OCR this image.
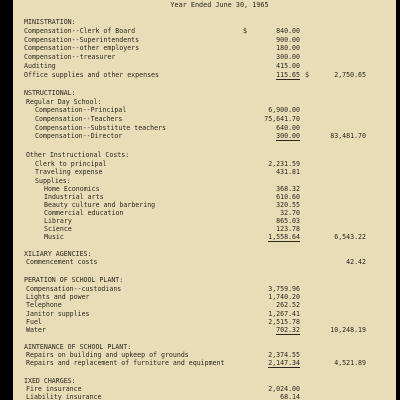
Year Ended June 30, 1965
MINISTRATION:
Compensation--Clerk of Board	$	840.00
Compensation--Superintendents	900.00
Compensation--other employers	180.00
Compensation--treasurer	300.00
Auditing	415.00
Office supplies and other expenses	115.65 $	2,750.65
NSTRUCTIONAL:
Regular Day School:
Compensation--Principal	6,900.00
Compensation--Teachers	75,641.70
Compensation--Substitute teachers	640.00
Compensation--Director	300.00	83,481.70
Other Instructional Costs:
Clerk to principal	2,231.59
Traveling expense	431.81
Supplies:
Home Economics	368.32
Industrial arts	610.60
Beauty culture and barbering	320.55
Commercial education	32.70
Library	865.03
Science	123.78
Music	1,558.64	6,543.22
XILIARY AGENCIES:
Commencement costs	42.42
PERATION OF SCHOOL PLANT:
Compensation--custodians	3,759.96
Lights and power	1,740.20
Telephone	262.52
Janitor supplies	1,267.41
Fuel	2,515.78
Water	702.32	10,248.19
AINTENANCE OF SCHOOL PLANT:
Repairs on building and upkeep of grounds	2,374.55
Repairs and replacement of furniture and equipment	2,147.34	4,521.89
IXED CHARGES:
Fire insurance	2,024.00
Liability insurance	68.14
